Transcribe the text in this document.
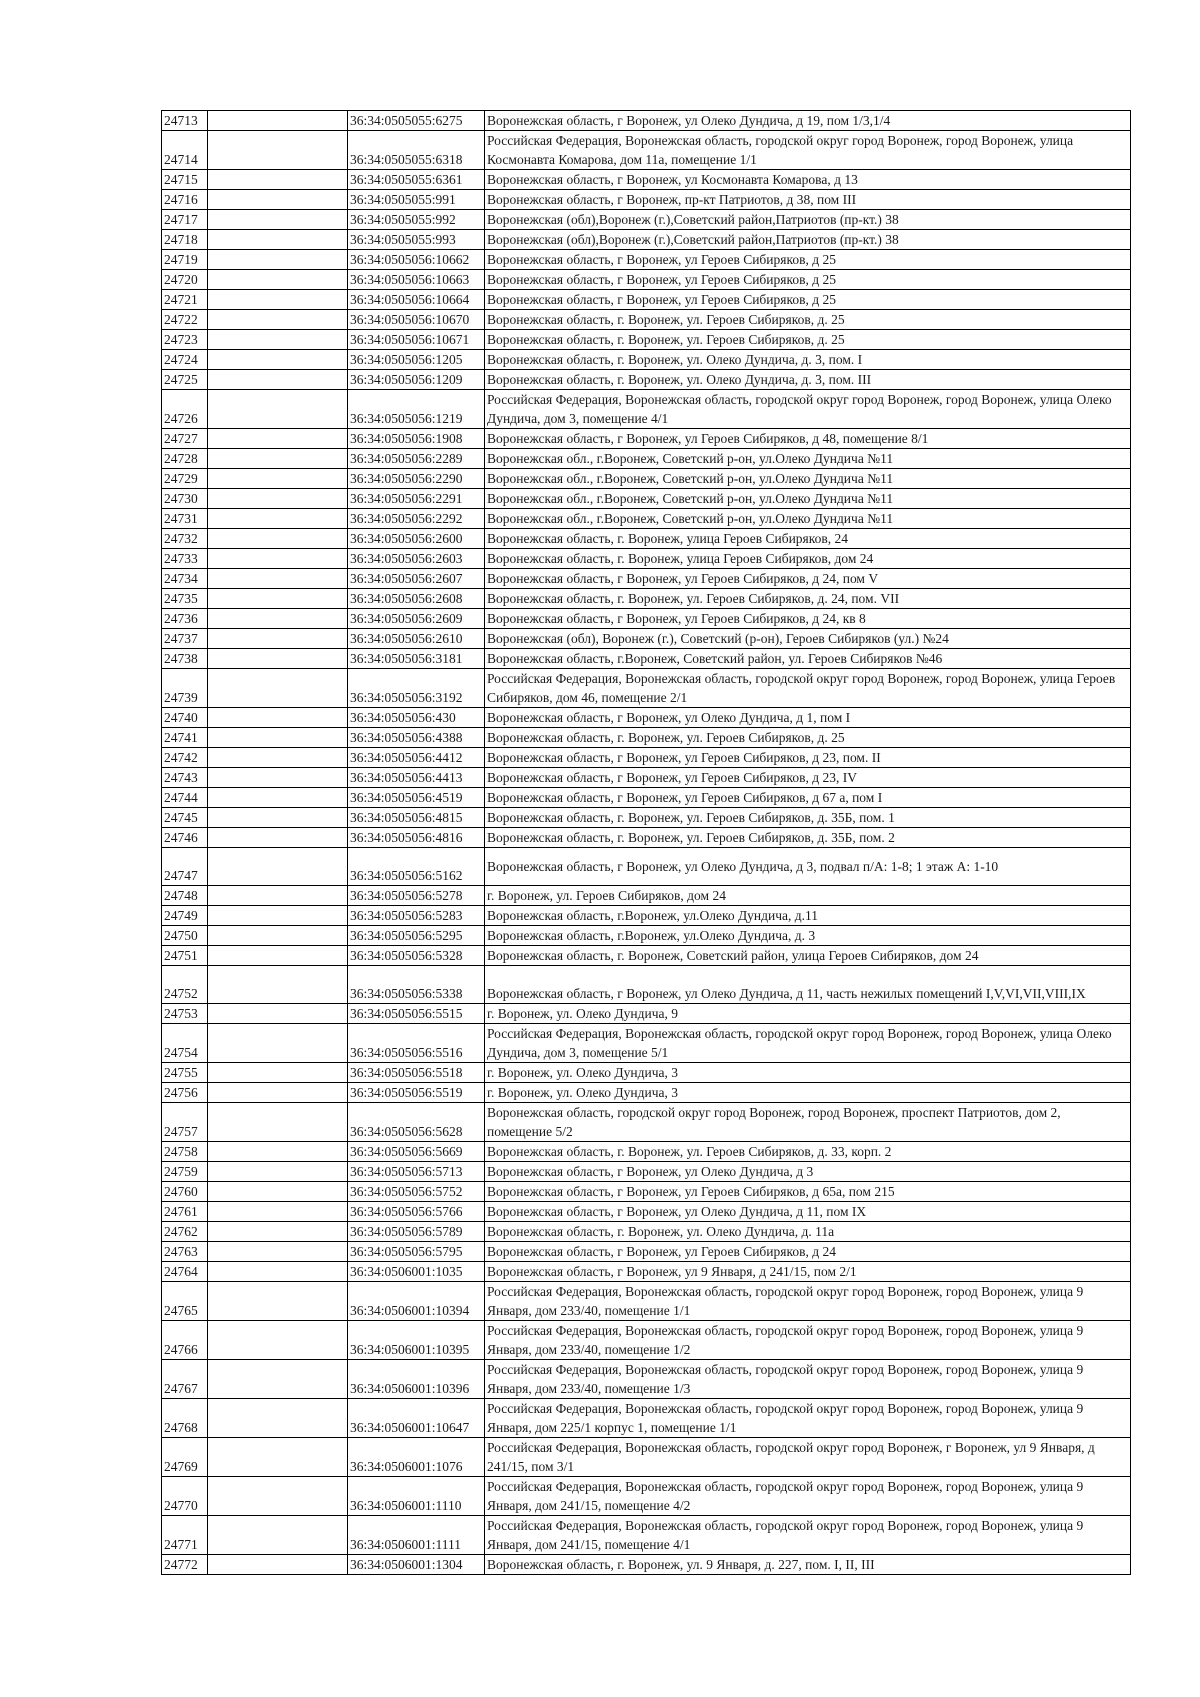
24713		36:34:0505055:6275	Воронежская область, г Воронеж, ул Олеко Дундича, д 19, пом 1/3,1/4
24714		36:34:0505055:6318	Российская Федерация, Воронежская область, городской округ город Воронеж, город Воронеж, улица Космонавта Комарова, дом 11а, помещение 1/1
24715		36:34:0505055:6361	Воронежская область, г Воронеж, ул Космонавта Комарова, д 13
24716		36:34:0505055:991	Воронежская область, г Воронеж, пр-кт Патриотов, д 38, пом III
24717		36:34:0505055:992	Воронежская (обл),Воронеж (г.),Советский район,Патриотов (пр-кт.) 38
24718		36:34:0505055:993	Воронежская (обл),Воронеж (г.),Советский район,Патриотов (пр-кт.) 38
24719		36:34:0505056:10662	Воронежская область, г Воронеж, ул Героев Сибиряков, д 25
24720		36:34:0505056:10663	Воронежская область, г Воронеж, ул Героев Сибиряков, д 25
24721		36:34:0505056:10664	Воронежская область, г Воронеж, ул Героев Сибиряков, д 25
24722		36:34:0505056:10670	Воронежская область, г. Воронеж, ул. Героев Сибиряков, д. 25
24723		36:34:0505056:10671	Воронежская область, г. Воронеж, ул. Героев Сибиряков, д. 25
24724		36:34:0505056:1205	Воронежская область, г. Воронеж, ул. Олеко Дундича, д. 3, пом. I
24725		36:34:0505056:1209	Воронежская область, г. Воронеж, ул. Олеко Дундича, д. 3, пом. III
24726		36:34:0505056:1219	Российская Федерация, Воронежская область, городской округ город Воронеж, город Воронеж, улица Олеко Дундича, дом 3, помещение 4/1
24727		36:34:0505056:1908	Воронежская область, г Воронеж, ул Героев Сибиряков, д 48, помещение 8/1
24728		36:34:0505056:2289	Воронежская обл., г.Воронеж, Советский р-он, ул.Олеко Дундича №11
24729		36:34:0505056:2290	Воронежская обл., г.Воронеж, Советский р-он, ул.Олеко Дундича №11
24730		36:34:0505056:2291	Воронежская обл., г.Воронеж, Советский р-он, ул.Олеко Дундича №11
24731		36:34:0505056:2292	Воронежская обл., г.Воронеж, Советский р-он, ул.Олеко Дундича №11
24732		36:34:0505056:2600	Воронежская область, г. Воронеж, улица Героев Сибиряков, 24
24733		36:34:0505056:2603	Воронежская область, г. Воронеж, улица Героев Сибиряков, дом 24
24734		36:34:0505056:2607	Воронежская область, г Воронеж, ул Героев Сибиряков, д 24, пом V
24735		36:34:0505056:2608	Воронежская область, г. Воронеж, ул. Героев Сибиряков, д. 24, пом. VII
24736		36:34:0505056:2609	Воронежская область, г Воронеж, ул Героев Сибиряков, д 24, кв 8
24737		36:34:0505056:2610	Воронежская (обл), Воронеж (г.), Советский (р-он), Героев Сибиряков (ул.) №24
24738		36:34:0505056:3181	Воронежская область, г.Воронеж, Советский район, ул. Героев Сибиряков №46
24739		36:34:0505056:3192	Российская Федерация, Воронежская область, городской округ город Воронеж, город Воронеж, улица Героев Сибиряков, дом 46, помещение 2/1
24740		36:34:0505056:430	Воронежская область, г Воронеж, ул Олеко Дундича, д 1, пом I
24741		36:34:0505056:4388	Воронежская область, г. Воронеж, ул. Героев Сибиряков, д. 25
24742		36:34:0505056:4412	Воронежская область, г Воронеж, ул Героев Сибиряков, д 23, пом. II
24743		36:34:0505056:4413	Воронежская область, г Воронеж, ул Героев Сибиряков, д 23, IV
24744		36:34:0505056:4519	Воронежская область, г Воронеж, ул Героев Сибиряков, д 67 а, пом I
24745		36:34:0505056:4815	Воронежская область, г. Воронеж, ул. Героев Сибиряков, д. 35Б, пом. 1
24746		36:34:0505056:4816	Воронежская область, г. Воронеж, ул. Героев Сибиряков, д. 35Б, пом. 2
24747		36:34:0505056:5162	Воронежская область, г Воронеж, ул Олеко Дундича, д 3, подвал п/А: 1-8; 1 этаж А: 1-10
24748		36:34:0505056:5278	г. Воронеж, ул. Героев Сибиряков, дом 24
24749		36:34:0505056:5283	Воронежская область, г.Воронеж, ул.Олеко Дундича, д.11
24750		36:34:0505056:5295	Воронежская область, г.Воронеж, ул.Олеко Дундича, д. 3
24751		36:34:0505056:5328	Воронежская область, г. Воронеж, Советский район, улица Героев Сибиряков, дом 24
24752		36:34:0505056:5338	Воронежская область, г Воронеж, ул Олеко Дундича, д 11, часть нежилых помещений I,V,VI,VII,VIII,IX
24753		36:34:0505056:5515	г. Воронеж, ул. Олеко Дундича, 9
24754		36:34:0505056:5516	Российская Федерация, Воронежская область, городской округ город Воронеж, город Воронеж, улица Олеко Дундича, дом 3, помещение 5/1
24755		36:34:0505056:5518	г. Воронеж, ул. Олеко Дундича, 3
24756		36:34:0505056:5519	г. Воронеж, ул. Олеко Дундича, 3
24757		36:34:0505056:5628	Воронежская область, городской округ город Воронеж, город Воронеж, проспект Патриотов, дом 2, помещение 5/2
24758		36:34:0505056:5669	Воронежская область, г. Воронеж, ул. Героев Сибиряков, д. 33, корп. 2
24759		36:34:0505056:5713	Воронежская область, г Воронеж, ул Олеко Дундича, д 3
24760		36:34:0505056:5752	Воронежская область, г Воронеж, ул Героев Сибиряков, д 65а, пом 215
24761		36:34:0505056:5766	Воронежская область, г Воронеж, ул Олеко Дундича, д 11, пом IX
24762		36:34:0505056:5789	Воронежская область, г. Воронеж, ул. Олеко Дундича, д. 11а
24763		36:34:0505056:5795	Воронежская область, г Воронеж, ул Героев Сибиряков, д 24
24764		36:34:0506001:1035	Воронежская область, г Воронеж, ул 9 Января, д 241/15, пом 2/1
24765		36:34:0506001:10394	Российская Федерация, Воронежская область, городской округ город Воронеж, город Воронеж, улица 9 Января, дом 233/40, помещение 1/1
24766		36:34:0506001:10395	Российская Федерация, Воронежская область, городской округ город Воронеж, город Воронеж, улица 9 Января, дом 233/40, помещение 1/2
24767		36:34:0506001:10396	Российская Федерация, Воронежская область, городской округ город Воронеж, город Воронеж, улица 9 Января, дом 233/40, помещение 1/3
24768		36:34:0506001:10647	Российская Федерация, Воронежская область, городской округ город Воронеж, город Воронеж, улица 9 Января, дом 225/1 корпус 1, помещение 1/1
24769		36:34:0506001:1076	Российская Федерация, Воронежская область, городской округ город Воронеж, г Воронеж, ул 9 Января, д 241/15, пом 3/1
24770		36:34:0506001:1110	Российская Федерация, Воронежская область, городской округ город Воронеж, город Воронеж, улица 9 Января, дом 241/15, помещение 4/2
24771		36:34:0506001:1111	Российская Федерация, Воронежская область, городской округ город Воронеж, город Воронеж, улица 9 Января, дом 241/15, помещение 4/1
24772		36:34:0506001:1304	Воронежская область, г. Воронеж, ул. 9 Января, д. 227, пом. I, II, III
